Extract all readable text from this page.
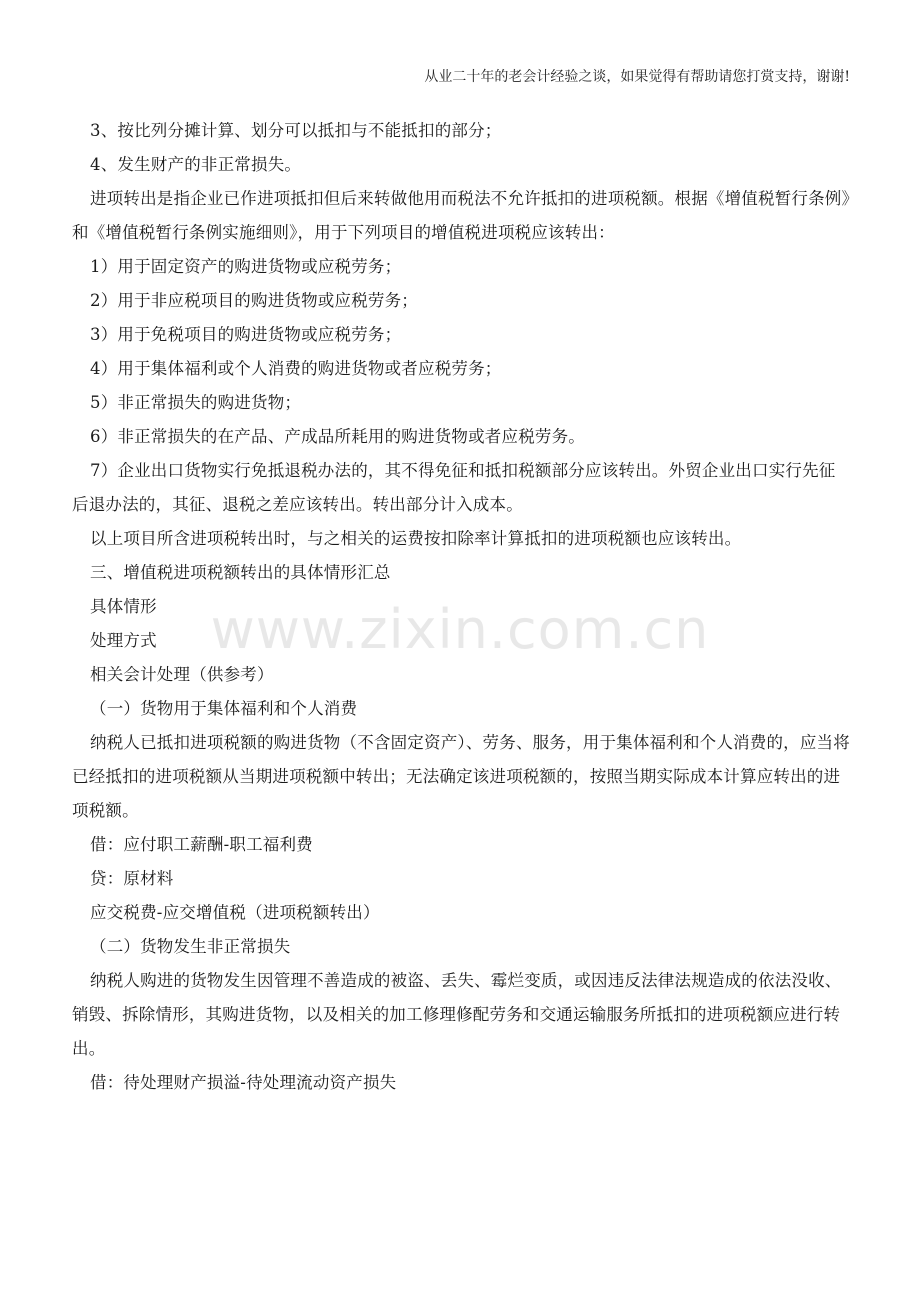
从业二十年的老会计经验之谈，如果觉得有帮助请您打赏支持，谢谢!
www.zixin.com.cn

3、按比列分摊计算、划分可以抵扣与不能抵扣的部分；

4、发生财产的非正常损失。

进项转出是指企业已作进项抵扣但后来转做他用而税法不允许抵扣的进项税额。根据《增值税暂行条例》和《增值税暂行条例实施细则》，用于下列项目的增值税进项税应该转出：

1）用于固定资产的购进货物或应税劳务；

2）用于非应税项目的购进货物或应税劳务；

3）用于免税项目的购进货物或应税劳务；

4）用于集体福利或个人消费的购进货物或者应税劳务；

5）非正常损失的购进货物；

6）非正常损失的在产品、产成品所耗用的购进货物或者应税劳务。

7）企业出口货物实行免抵退税办法的，其不得免征和抵扣税额部分应该转出。外贸企业出口实行先征后退办法的，其征、退税之差应该转出。转出部分计入成本。

以上项目所含进项税转出时，与之相关的运费按扣除率计算抵扣的进项税额也应该转出。

三、增值税进项税额转出的具体情形汇总

具体情形

处理方式

相关会计处理（供参考）

（一）货物用于集体福利和个人消费

纳税人已抵扣进项税额的购进货物（不含固定资产）、劳务、服务，用于集体福利和个人消费的，应当将已经抵扣的进项税额从当期进项税额中转出；无法确定该进项税额的，按照当期实际成本计算应转出的进项税额。

借：应付职工薪酬-职工福利费

贷：原材料

应交税费-应交增值税（进项税额转出）

（二）货物发生非正常损失

纳税人购进的货物发生因管理不善造成的被盗、丢失、霉烂变质，或因违反法律法规造成的依法没收、销毁、拆除情形，其购进货物，以及相关的加工修理修配劳务和交通运输服务所抵扣的进项税额应进行转出。

借：待处理财产损溢-待处理流动资产损失
